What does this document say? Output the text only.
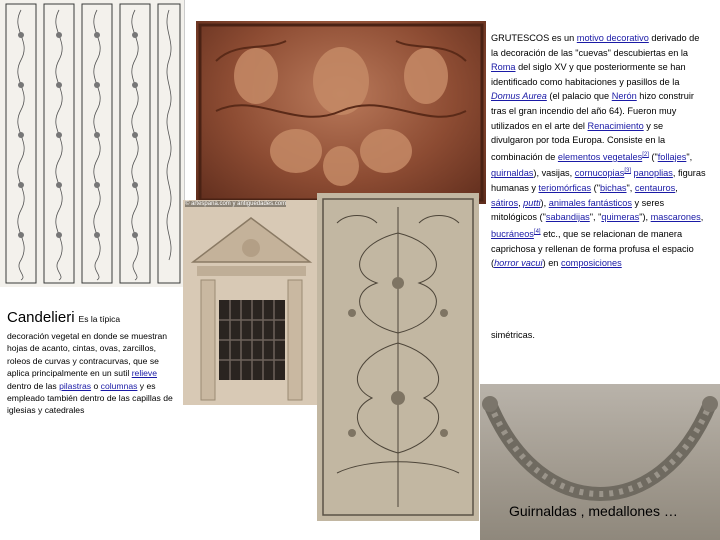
© artespana.com y antiguedades.com
Candelieri Es la típica
decoración vegetal en donde se muestran hojas de acanto, cintas, ovas, zarcillos, roleos de curvas y contracurvas, que se aplica principalmente en un sutil relieve dentro de las pilastras o columnas y es empleado también dentro de las capillas de iglesias y catedrales
GRUTESCOS es un motivo decorativo derivado de la decoración de las "cuevas" descubiertas en la Roma del siglo XV y que posteriormente se han identificado como habitaciones y pasillos de la Domus Aurea (el palacio que Nerón hizo construir tras el gran incendio del año 64). Fueron muy utilizados en el arte del Renacimiento y se divulgaron por toda Europa. Consiste en la combinación de elementos vegetales[2] ("follajes", guirnaldas), vasijas, cornucopias[3] panoplias, figuras humanas y teriomórficas ("bichas", centauros, sátiros, putti), animales fantásticos y seres mitológicos ("sabandijas", "quimeras"), mascarones, bucráneos[4] etc., que se relacionan de manera caprichosa y rellenan de forma profusa el espacio (horror vacui) en composiciones
simétricas.
Guirnaldas , medallones …
